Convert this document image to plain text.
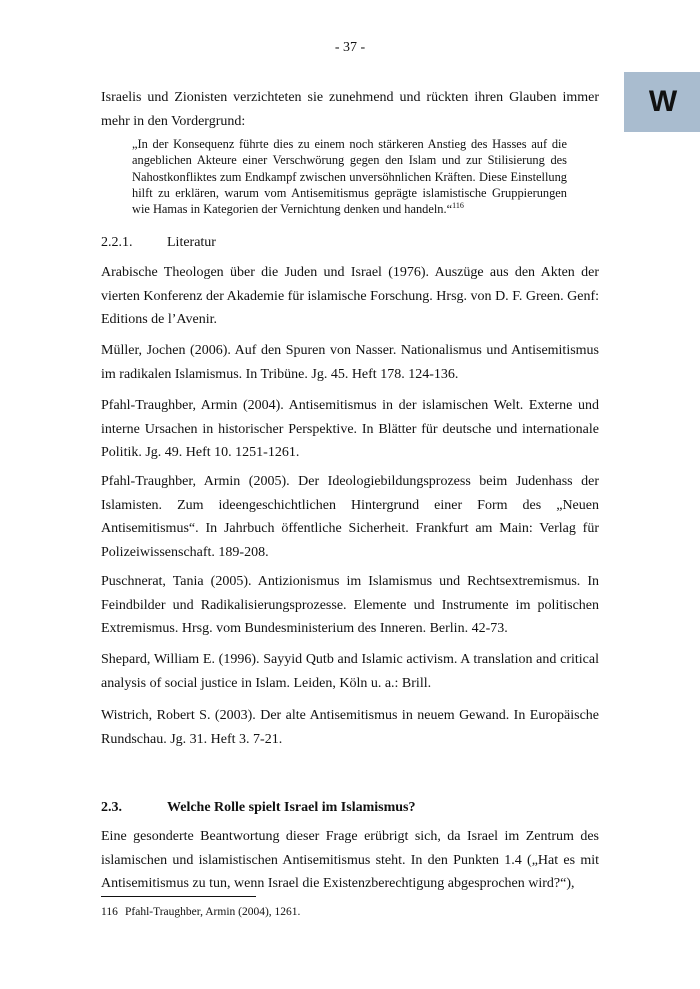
- 37 -
W

Israelis und Zionisten verzichteten sie zunehmend und rückten ihren Glauben immer mehr in den Vordergrund:

„In der Konsequenz führte dies zu einem noch stärkeren Anstieg des Hasses auf die angeblichen Akteure einer Verschwörung gegen den Islam und zur Stilisierung des Nahostkonfliktes zum Endkampf zwischen unversöhnlichen Kräften. Diese Einstellung hilft zu erklären, warum vom Antisemitismus geprägte islamistische Gruppierungen wie Hamas in Kategorien der Vernichtung denken und handeln.“$^{116}$

2.2.1.	Literatur

Arabische Theologen über die Juden und Israel (1976). Auszüge aus den Akten der vierten Konferenz der Akademie für islamische Forschung. Hrsg. von D. F. Green. Genf: Editions de l’Avenir.

Müller, Jochen (2006). Auf den Spuren von Nasser. Nationalismus und Antisemitismus im radikalen Islamismus. In Tribüne. Jg. 45. Heft 178. 124-136.

Pfahl-Traughber, Armin (2004). Antisemitismus in der islamischen Welt. Externe und interne Ursachen in historischer Perspektive. In Blätter für deutsche und internationale Politik. Jg. 49. Heft 10. 1251-1261.

Pfahl-Traughber, Armin (2005). Der Ideologiebildungsprozess beim Judenhass der Islamisten. Zum ideengeschichtlichen Hintergrund einer Form des „Neuen Antisemitismus“. In Jahrbuch öffentliche Sicherheit. Frankfurt am Main: Verlag für Polizeiwissenschaft. 189-208.

Puschnerat, Tania (2005). Antizionismus im Islamismus und Rechtsextremismus. In Feindbilder und Radikalisierungsprozesse. Elemente und Instrumente im politischen Extremismus. Hrsg. vom Bundesministerium des Inneren. Berlin. 42-73.

Shepard, William E. (1996). Sayyid Qutb and Islamic activism. A translation and critical analysis of social justice in Islam. Leiden, Köln u. a.: Brill.

Wistrich, Robert S. (2003). Der alte Antisemitismus in neuem Gewand. In Europäische Rundschau. Jg. 31. Heft 3. 7-21.

2.3.	Welche Rolle spielt Israel im Islamismus?

Eine gesonderte Beantwortung dieser Frage erübrigt sich, da Israel im Zentrum des islamischen und islamistischen Antisemitismus steht. In den Punkten 1.4 („Hat es mit Antisemitismus zu tun, wenn Israel die Existenzberechtigung abgesprochen wird?“),

116 Pfahl-Traughber, Armin (2004), 1261.
